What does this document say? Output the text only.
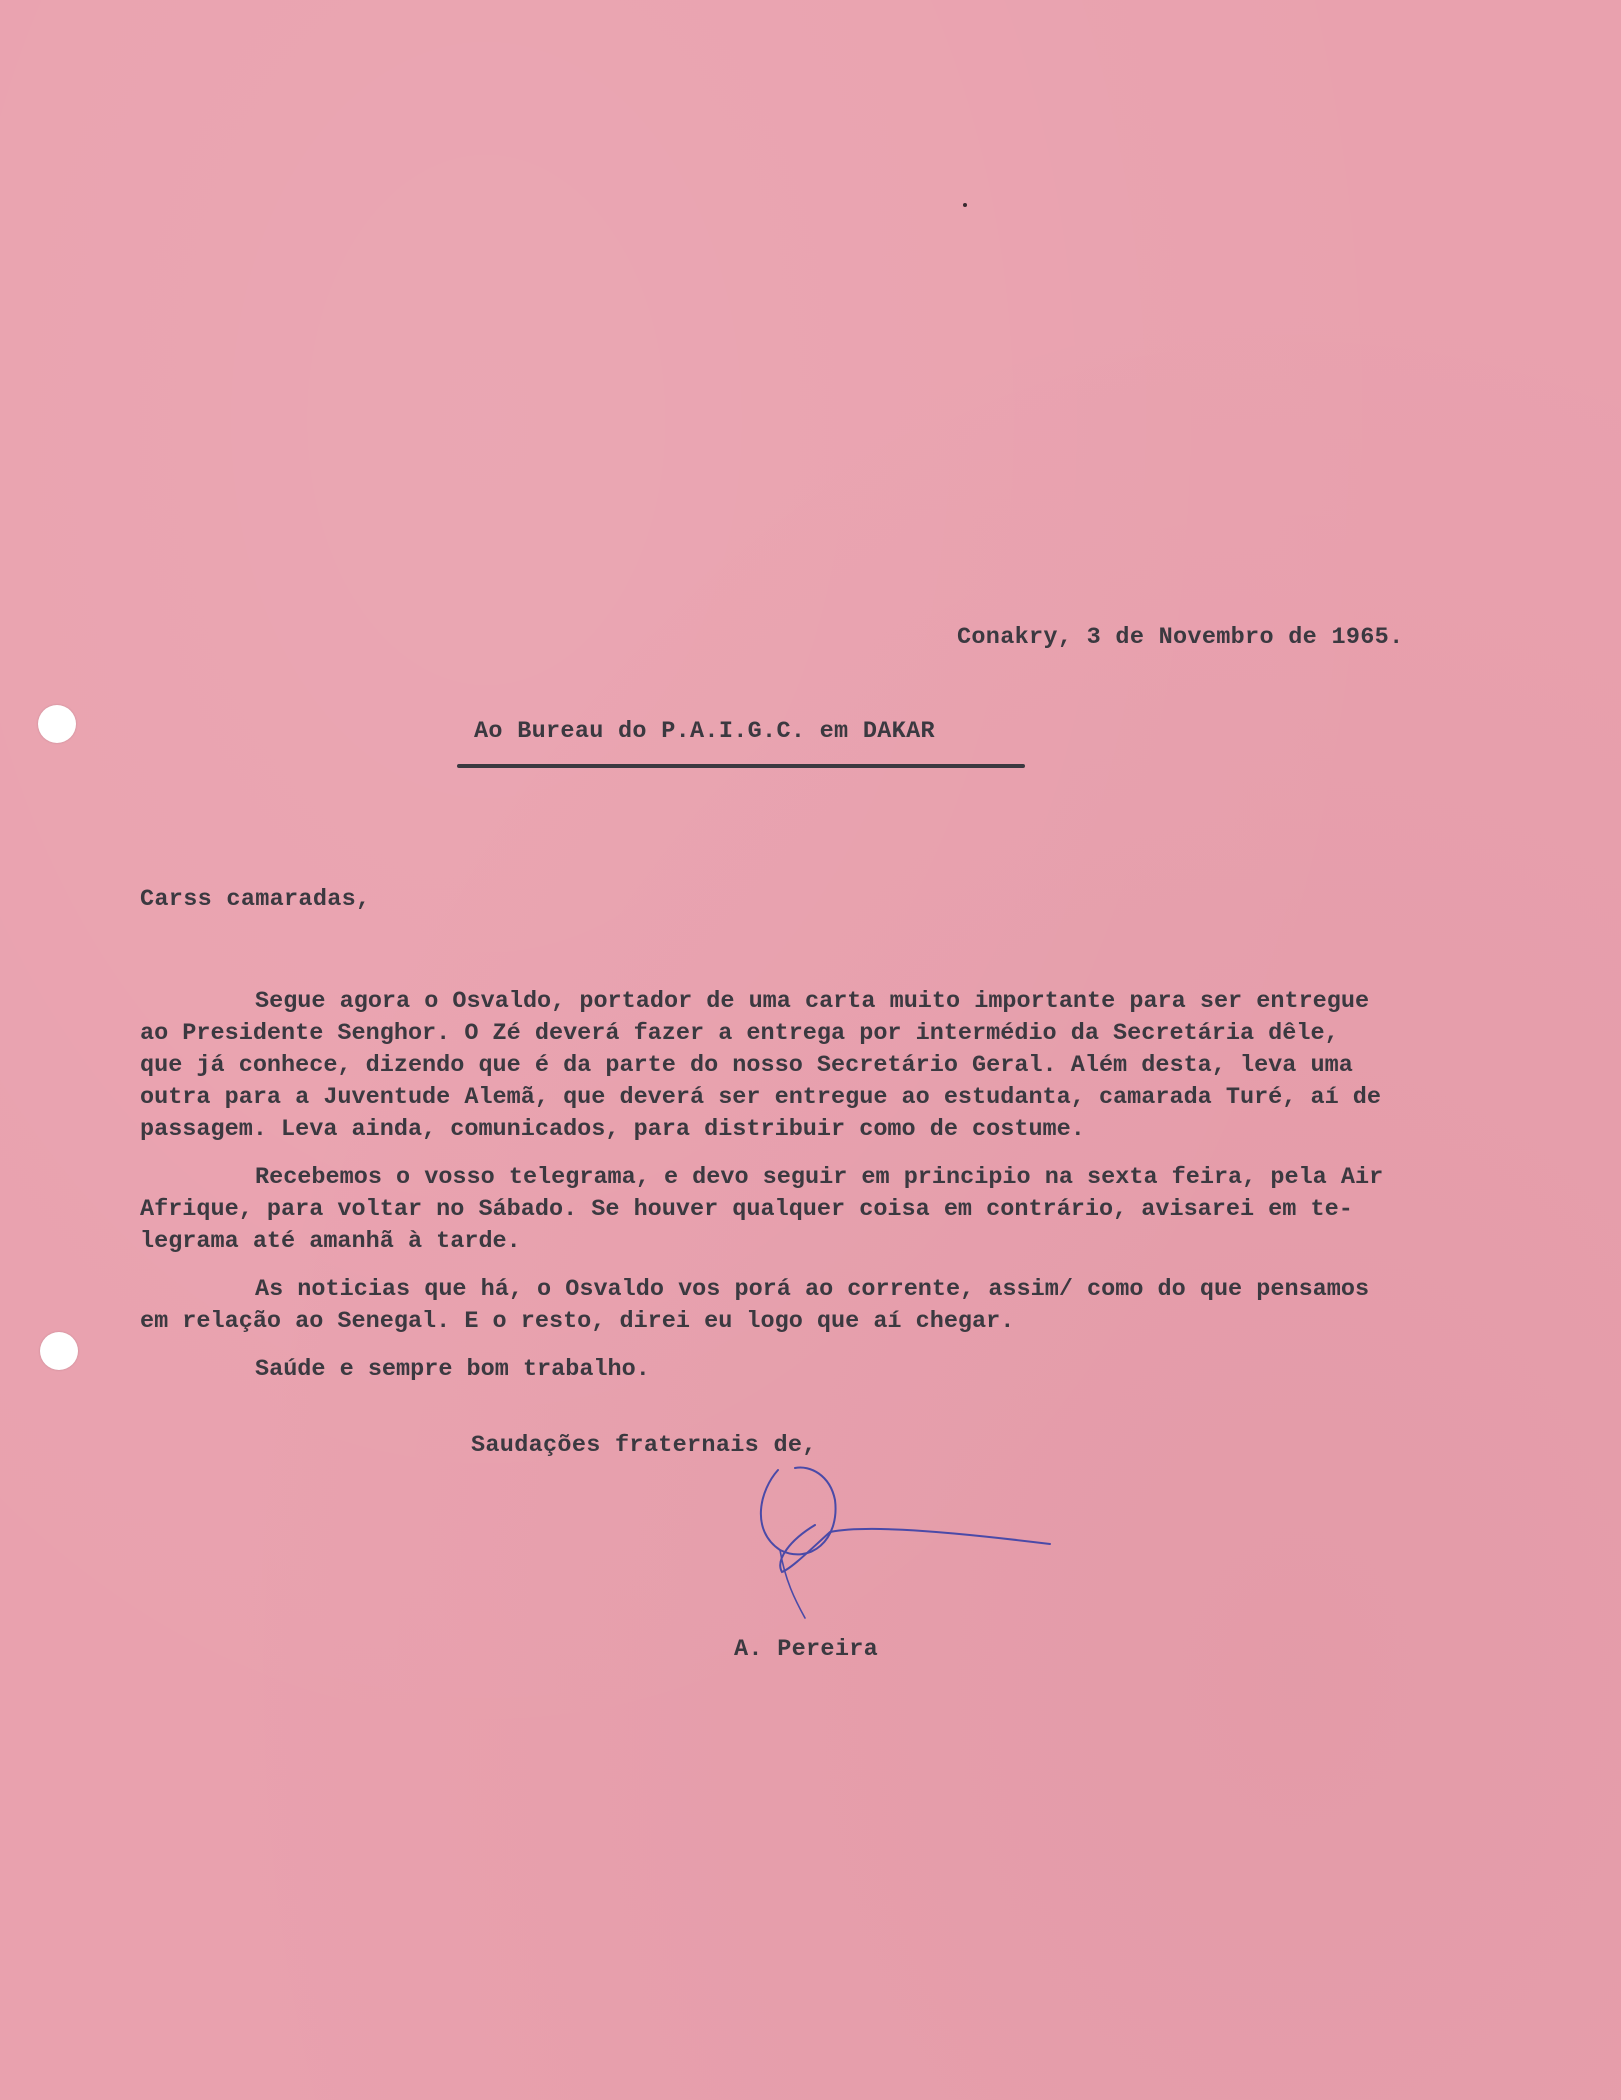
Conakry, 3 de Novembro de 1965.
Ao Bureau do P.A.I.G.C. em DAKAR
Carss camaradas,
Segue agora o Osvaldo, portador de uma carta muito importante para ser entregue
ao Presidente Senghor. O Zé deverá fazer a entrega por intermédio da Secretária dêle,
que já conhece, dizendo que é da parte do nosso Secretário Geral. Além desta, leva uma
outra para a Juventude Alemã, que deverá ser entregue ao estudanta, camarada Turé, aí de
passagem. Leva ainda, comunicados, para distribuir como de costume.
Recebemos o vosso telegrama, e devo seguir em principio na sexta feira, pela Air
Afrique, para voltar no Sábado. Se houver qualquer coisa em contrário, avisarei em te-
legrama até amanhã à tarde.
As noticias que há, o Osvaldo vos porá ao corrente, assim/ como do que pensamos
em relação ao Senegal. E o resto, direi eu logo que aí chegar.
Saúde e sempre bom trabalho.
Saudações fraternais de,
A. Pereira
